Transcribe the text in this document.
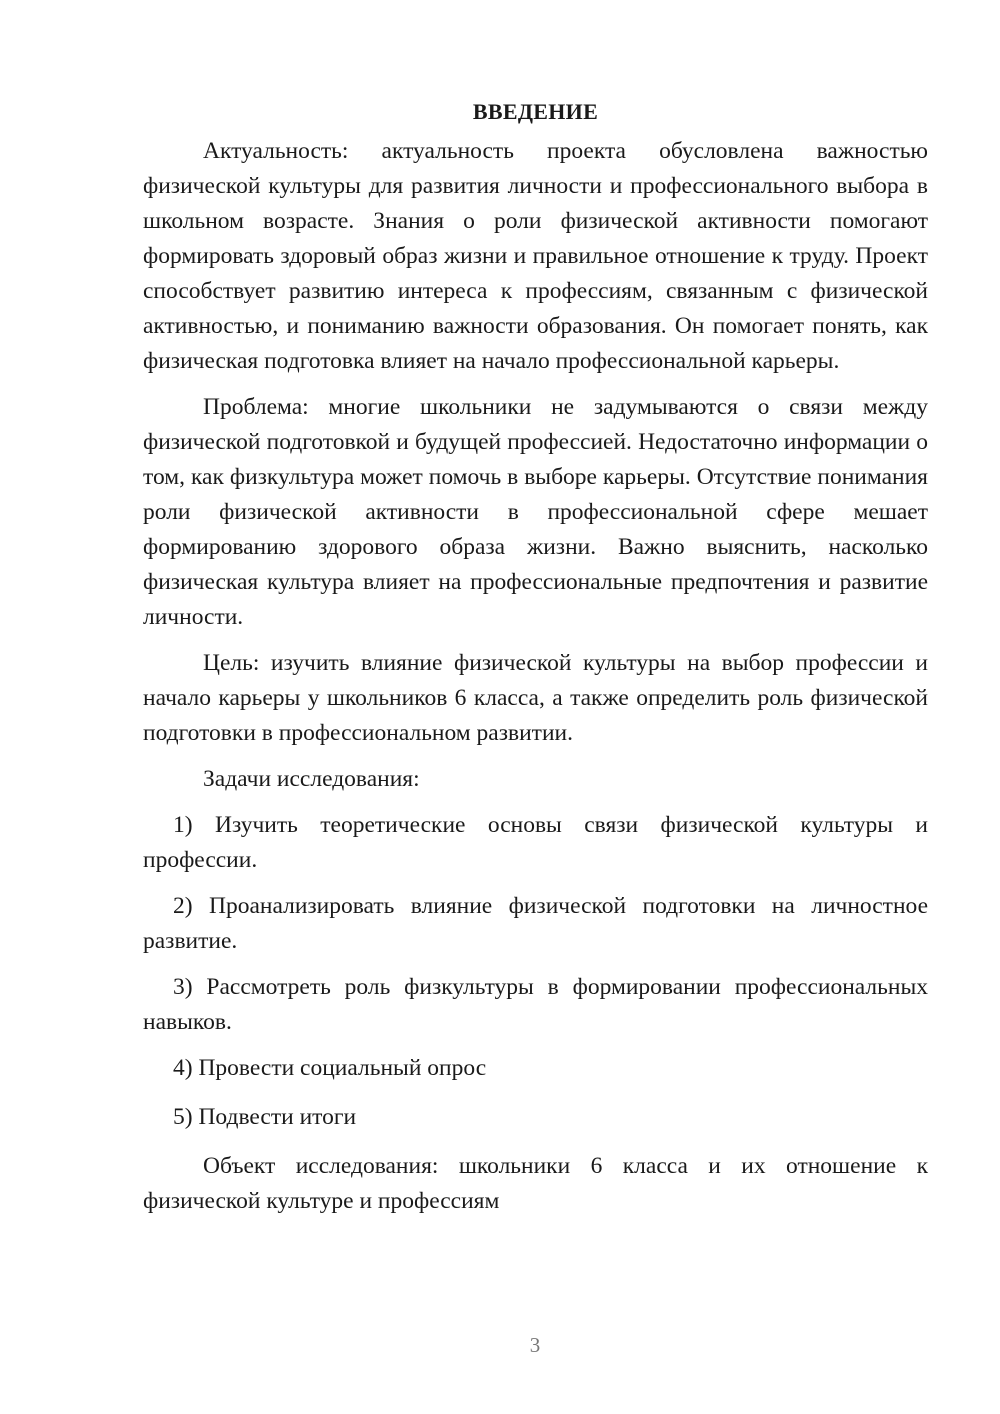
ВВЕДЕНИЕ

Актуальность: актуальность проекта обусловлена важностью физической культуры для развития личности и профессионального выбора в школьном возрасте. Знания о роли физической активности помогают формировать здоровый образ жизни и правильное отношение к труду. Проект способствует развитию интереса к профессиям, связанным с физической активностью, и пониманию важности образования. Он помогает понять, как физическая подготовка влияет на начало профессиональной карьеры.

Проблема: многие школьники не задумываются о связи между физической подготовкой и будущей профессией. Недостаточно информации о том, как физкультура может помочь в выборе карьеры. Отсутствие понимания роли физической активности в профессиональной сфере мешает формированию здорового образа жизни. Важно выяснить, насколько физическая культура влияет на профессиональные предпочтения и развитие личности.

Цель: изучить влияние физической культуры на выбор профессии и начало карьеры у школьников 6 класса, а также определить роль физической подготовки в профессиональном развитии.

Задачи исследования:

1) Изучить теоретические основы связи физической культуры и профессии.

2) Проанализировать влияние физической подготовки на личностное развитие.

3) Рассмотреть роль физкультуры в формировании профессиональных навыков.

4) Провести социальный опрос

5) Подвести итоги

Объект исследования: школьники 6 класса и их отношение к физической культуре и профессиям

3
